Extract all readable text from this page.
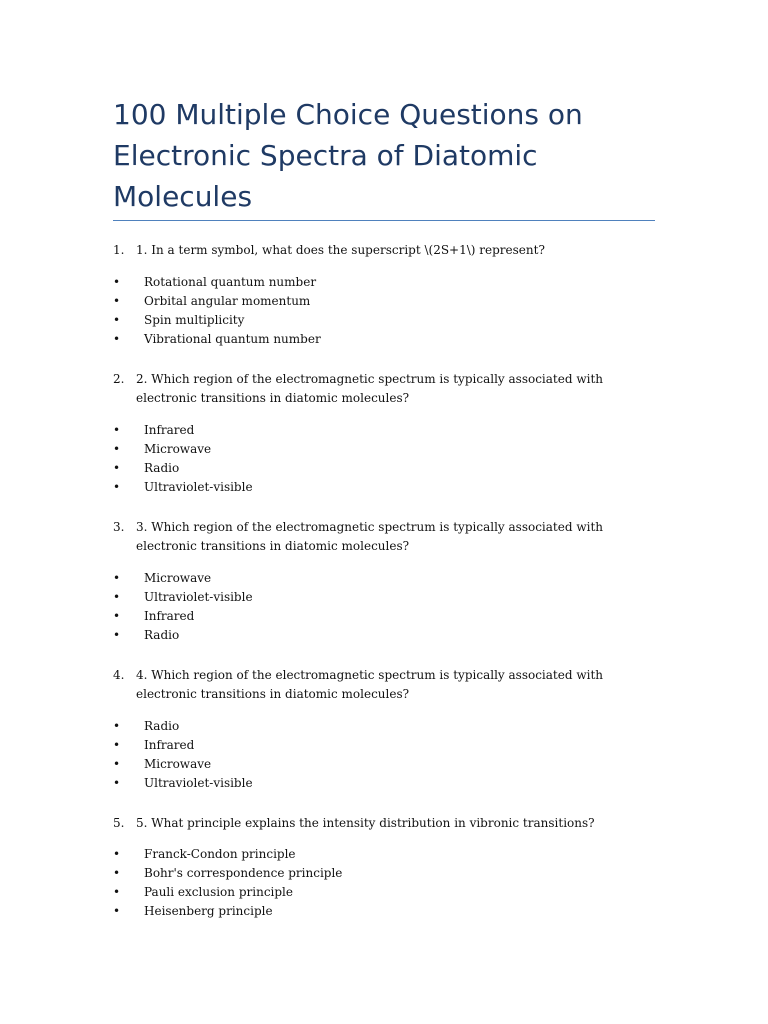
100 Multiple Choice Questions on Electronic Spectra of Diatomic Molecules
1. 1. In a term symbol, what does the superscript \(2S+1\) represent?
•	Rotational quantum number
•	Orbital angular momentum
•	Spin multiplicity
•	Vibrational quantum number
2. 2. Which region of the electromagnetic spectrum is typically associated with electronic transitions in diatomic molecules?
•	Infrared
•	Microwave
•	Radio
•	Ultraviolet-visible
3. 3. Which region of the electromagnetic spectrum is typically associated with electronic transitions in diatomic molecules?
•	Microwave
•	Ultraviolet-visible
•	Infrared
•	Radio
4. 4. Which region of the electromagnetic spectrum is typically associated with electronic transitions in diatomic molecules?
•	Radio
•	Infrared
•	Microwave
•	Ultraviolet-visible
5. 5. What principle explains the intensity distribution in vibronic transitions?
•	Franck-Condon principle
•	Bohr's correspondence principle
•	Pauli exclusion principle
•	Heisenberg principle
